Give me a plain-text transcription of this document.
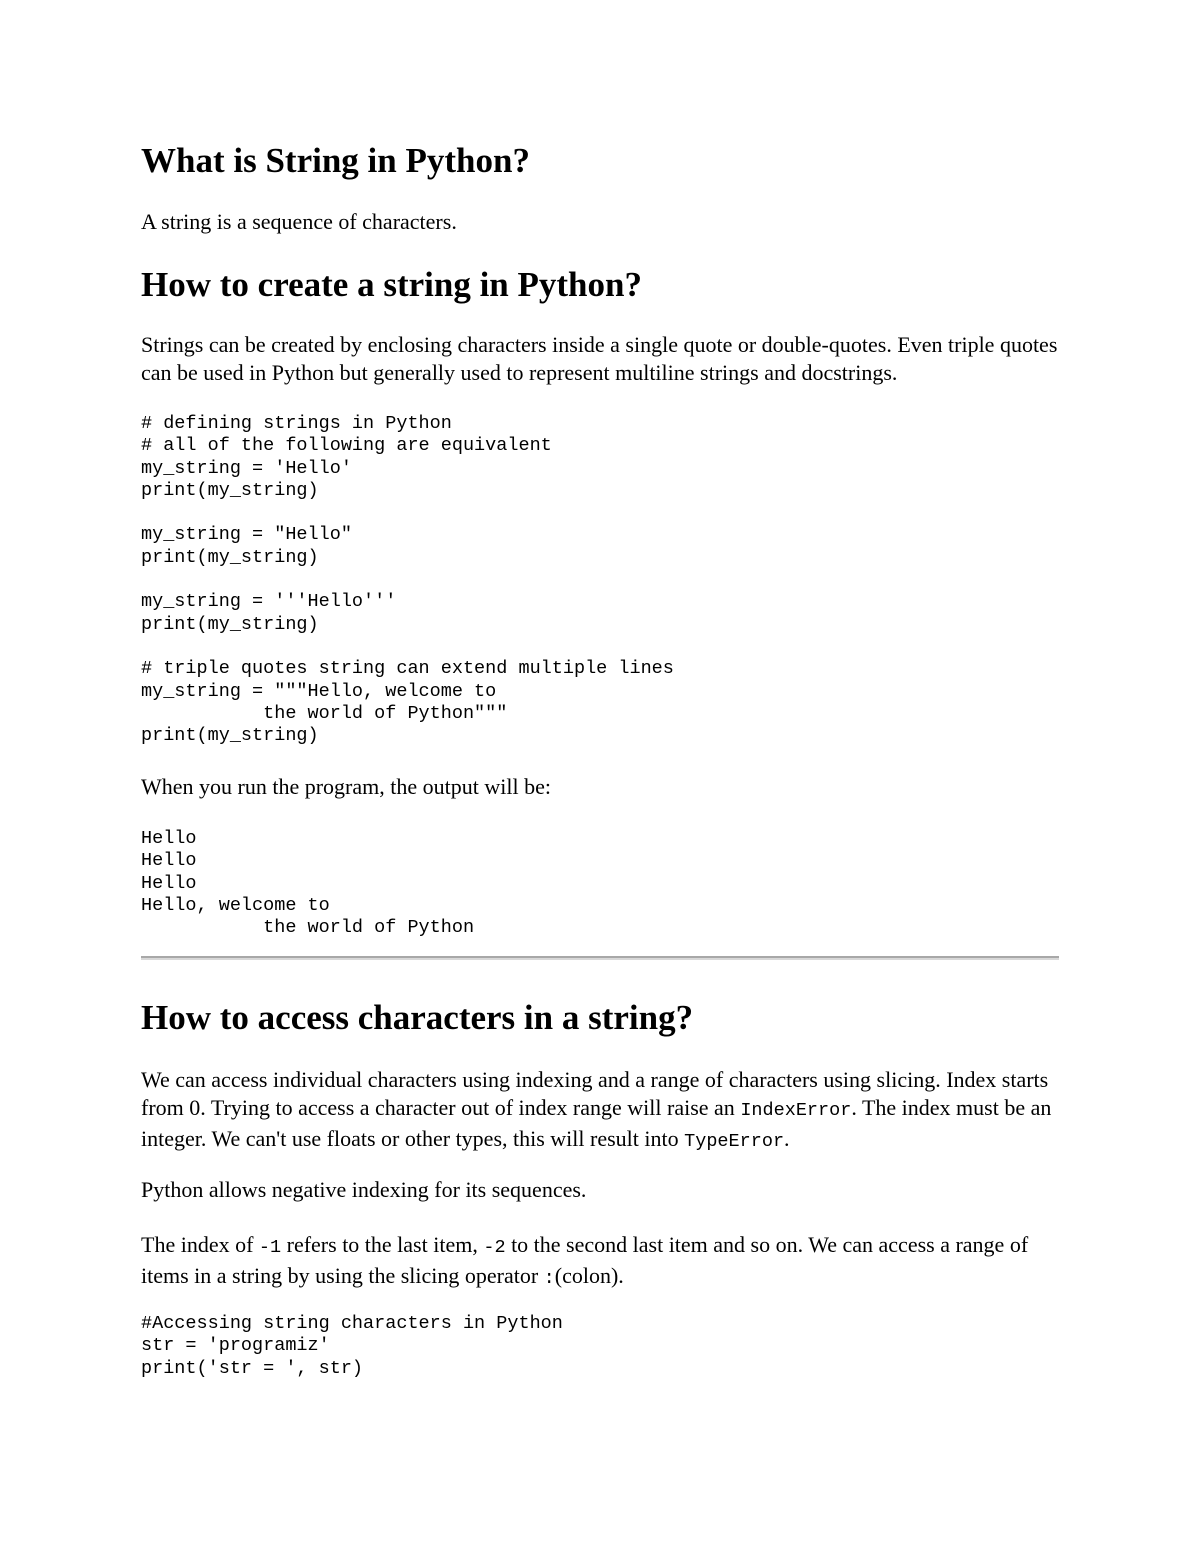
What is String in Python?

A string is a sequence of characters.

How to create a string in Python?

Strings can be created by enclosing characters inside a single quote or double-quotes. Even triple quotes can be used in Python but generally used to represent multiline strings and docstrings.

# defining strings in Python
# all of the following are equivalent
my_string = 'Hello'
print(my_string)

my_string = "Hello"
print(my_string)

my_string = '''Hello'''
print(my_string)

# triple quotes string can extend multiple lines
my_string = """Hello, welcome to
the world of Python"""
print(my_string)

When you run the program, the output will be:

Hello
Hello
Hello
Hello, welcome to
the world of Python
How to access characters in a string?

We can access individual characters using indexing and a range of characters using slicing. Index starts from 0. Trying to access a character out of index range will raise an IndexError. The index must be an integer. We can't use floats or other types, this will result into TypeError.

Python allows negative indexing for its sequences.

The index of -1 refers to the last item, -2 to the second last item and so on. We can access a range of items in a string by using the slicing operator :(colon).

#Accessing string characters in Python
str = 'programiz'
print('str = ', str)
